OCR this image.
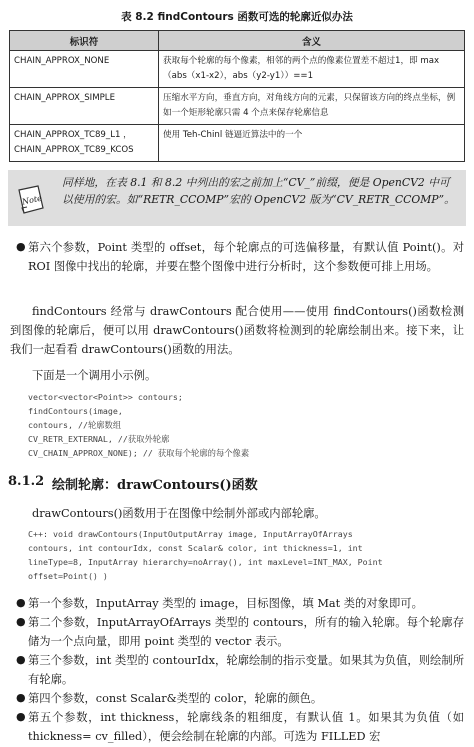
表 8.2 findContours 函数可选的轮廓近似办法
标识符	含义
CHAIN_APPROX_NONE	获取每个轮廓的每个像素，相邻的两个点的像素位置差不超过1，即 max（abs（x1-x2），abs（y2-y1））==1
CHAIN_APPROX_SIMPLE	压缩水平方向，垂直方向，对角线方向的元素，只保留该方向的终点坐标，例如一个矩形轮廓只需 4 个点来保存轮廓信息
CHAIN_APPROX_TC89_L1 ，CHAIN_APPROX_TC89_KCOS	使用 Teh-Chinl 链逼近算法中的一个
Note
同样地，在表 8.1 和 8.2 中列出的宏之前加上“CV_”前缀，便是 OpenCV2 中可以使用的宏。如“RETR_CCOMP”宏的 OpenCV2 版为“CV_RETR_CCOMP”。
● 第六个参数，Point 类型的 offset，每个轮廓点的可选偏移量，有默认值 Point()。对 ROI 图像中找出的轮廓，并要在整个图像中进行分析时，这个参数便可排上用场。
findContours 经常与 drawContours 配合使用——使用 findContours()函数检测到图像的轮廓后，便可以用 drawContours()函数将检测到的轮廓绘制出来。接下来，让我们一起看看 drawContours()函数的用法。
下面是一个调用小示例。
vector<vector<Point>> contours;
findContours(image,
contours, //轮廓数组
CV_RETR_EXTERNAL, //获取外轮廓
CV_CHAIN_APPROX_NONE); // 获取每个轮廓的每个像素
8.1.2 绘制轮廓：drawContours()函数
drawContours()函数用于在图像中绘制外部或内部轮廓。
C++: void drawContours(InputOutputArray image, InputArrayOfArrays
contours, int contourIdx, const Scalar& color, int thickness=1, int
lineType=8, InputArray hierarchy=noArray(), int maxLevel=INT_MAX, Point
offset=Point() )
● 第一个参数，InputArray 类型的 image，目标图像，填 Mat 类的对象即可。
● 第二个参数，InputArrayOfArrays 类型的 contours，所有的输入轮廓。每个轮廓存储为一个点向量，即用 point 类型的 vector 表示。
● 第三个参数，int 类型的 contourIdx，轮廓绘制的指示变量。如果其为负值，则绘制所有轮廓。
● 第四个参数，const Scalar&类型的 color，轮廓的颜色。
● 第五个参数，int thickness，轮廓线条的粗细度，有默认值 1。如果其为负值（如 thickness= cv_filled），便会绘制在轮廓的内部。可选为 FILLED 宏
